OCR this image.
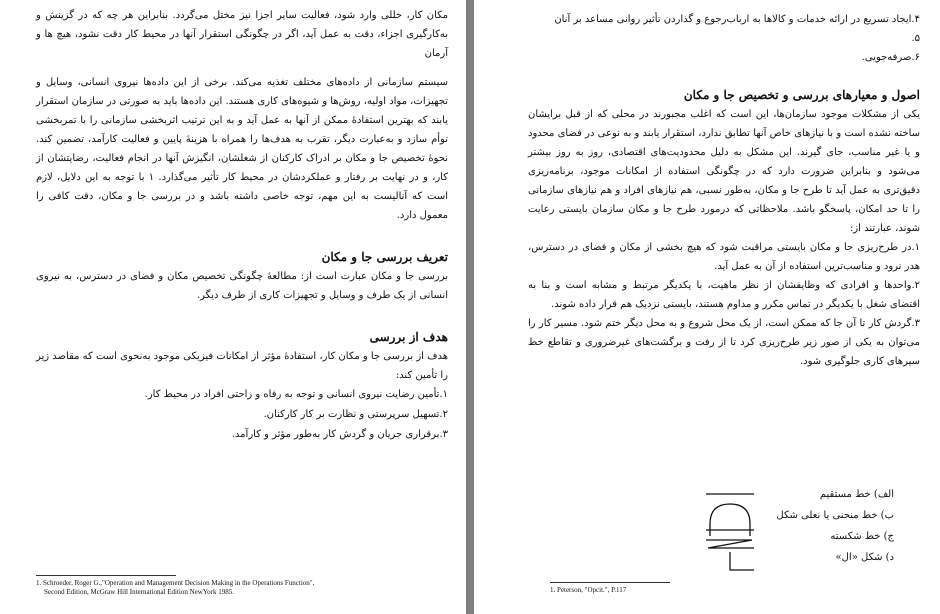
مکان کار، خللی وارد شود، فعالیت سایر اجزا نیز مختل می‌گردد. بنابراین هر چه که در گزینش و به‌کارگیری اجزاء، دقت به عمل آید، اگر در چگونگی استقرار آنها در محیط کار دقت نشود، هیچ ها و آرمان

سیستم سازمانی از داده‌های مختلف تغذیه می‌کند. برخی از این داده‌ها نیروی انسانی، وسایل و تجهیزات، مواد اولیه، روش‌ها و شیوه‌های کاری هستند. این داده‌ها باید به صورتی در سازمان استقرار یابند که بهترین استفادهٔ ممکن از آنها به عمل آید و به این ترتیب اثربخشی سازمانی را با تمربخشی توأم سازد و به‌عبارت دیگر، تقرب به هدف‌ها را همراه با هزینهٔ پایین و فعالیت کارآمد، تضمین کند. نحوهٔ تخصیص جا و مکان بر ادراک کارکنان از شغلشان، انگیزش آنها در انجام فعالیت، رضایتشان از کار، و در نهایت بر رفتار و عملکردشان در محیط کار تأثیر می‌گذارد. ۱ با توجه به این دلایل، لازم است که آنالیست به این مهم، توجه خاصی داشته باشد و در بررسی جا و مکان، دقت کافی را معمول دارد.

تعریف بررسی جا و مکان

بررسی جا و مکان عبارت است از: مطالعهٔ چگونگی تخصیص مکان و فضای در دسترس، به نیروی انسانی از یک طرف و وسایل و تجهیزات کاری از طرف دیگر.

هدف از بررسی

هدف از بررسی جا و مکان کار، استفادهٔ مؤثر از امکانات فیزیکی موجود به‌نحوی است که مقاصد زیر را تأمین کند:

۱.تأمین رضایت نیروی انسانی و توجه به رفاه و راحتی افراد در محیط کار.

۲.تسهیل سرپرستی و نظارت بر کار کارکنان.

۳.برقراری جریان و گردش کار به‌طور مؤثر و کارآمد.

1. Schroeder, Roger G.,"Operation and Management Decision Making in the Operations Function",
Second Edition, McGraw Hill International Edition NewYork 1985.

۴.ایجاد تسریع در ارائه خدمات و کالاها به ارباب‌رجوع و گذاردن تأثیر روانی مساعد بر آنان

۵.

۶.صرفه‌جویی.

اصول و معیارهای بررسی و تخصیص جا و مکان

یکی از مشکلات موجود سازمان‌ها، این است که اغلب مجبورند در محلی که از قبل برایشان ساخته نشده است و با نیازهای خاص آنها تطابق ندارد، استقرار یابند و به نوعی در فضای محدود و یا غیر مناسب، جای گیرند. این مشکل به دلیل محدودیت‌های اقتصادی، روز به روز بیشتر می‌شود و بنابراین ضرورت دارد که در چگونگی استفاده از امکانات موجود، برنامه‌ریزی دقیق‌تری به عمل آید تا طرح جا و مکان، به‌طور نسبی، هم نیازهای افراد و هم نیازهای سازمانی را تا حد امکان، پاسخگو باشد. ملاحظاتی که درمورد طرح جا و مکان سازمان بایستی رعایت شوند، عبارتند از:

۱.در طرح‌ریزی جا و مکان بایستی مراقبت شود که هیچ بخشی از مکان و فضای در دسترس، هدر نرود و مناسب‌ترین استفاده از آن به عمل آید.

۲.واحدها و افرادی که وظایفشان از نظر ماهیت، با یکدیگر مرتبط و مشابه است و بنا به اقتضای شغل با یکدیگر در تماس مکرر و مداوم هستند، بایستی نزدیک هم قرار داده شوند.

۳.گردش کار تا آن جا که ممکن است، از یک محل شروع و به محل دیگر ختم شود. مسیر کار را می‌توان به یکی از صور زیر طرح‌ریزی کرد تا از رفت و برگشت‌های غیرضروری و تقاطع خط سیرهای کاری جلوگیری شود.

الف) خط مستقیم

ب) خط منحنی یا نعلی شکل

ج) خط شکسته

د) شکل «ال»

1. Peterson, "Opcit.", P.117
